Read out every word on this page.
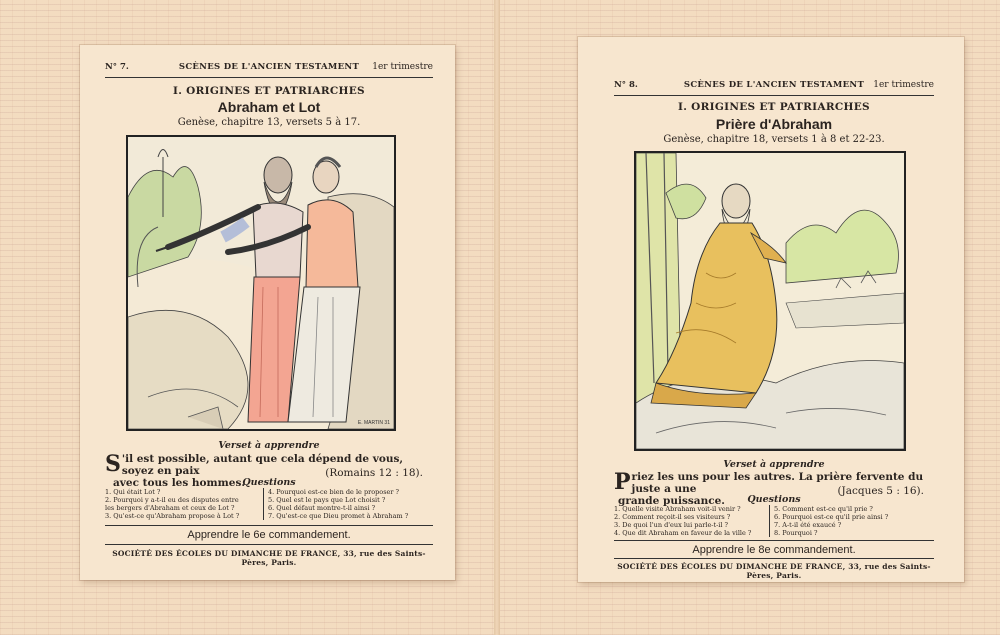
N° 7.	SCÈNES DE L'ANCIEN TESTAMENT	1er trimestre
I. ORIGINES ET PATRIARCHES
Abraham et Lot
Genèse, chapitre 13, versets 5 à 17.
E. MARTIN 31
Verset à apprendre
S 'il est possible, autant que cela dépend de vous, soyez en paix
avec tous les hommes.
(Romains 12 : 18).
Questions
1. Qui était Lot ?
2. Pourquoi y a-t-il eu des disputes entre
les bergers d'Abraham et ceux de Lot ?
3. Qu'est-ce qu'Abraham propose à Lot ?
4. Pourquoi est-ce bien de le proposer ?
5. Quel est le pays que Lot choisit ?
6. Quel défaut montre-t-il ainsi ?
7. Qu'est-ce que Dieu promet à Abraham ?
Apprendre le 6e commandement.
SOCIÉTÉ DES ÉCOLES DU DIMANCHE DE FRANCE, 33, rue des Saints-Pères, Paris.
N° 8.	SCÈNES DE L'ANCIEN TESTAMENT	1er trimestre
I. ORIGINES ET PATRIARCHES
Prière d'Abraham
Genèse, chapitre 18, versets 1 à 8 et 22-23.
Verset à apprendre
P riez les uns pour les autres. La prière fervente du juste a une
grande puissance.
(Jacques 5 : 16).
Questions
1. Quelle visite Abraham voit-il venir ?
2. Comment reçoit-il ses visiteurs ?
3. De quoi l'un d'eux lui parle-t-il ?
4. Que dit Abraham en faveur de la ville ?
5. Comment est-ce qu'il prie ?
6. Pourquoi est-ce qu'il prie ainsi ?
7. A-t-il été exaucé ?
8. Pourquoi ?
Apprendre le 8e commandement.
SOCIÉTÉ DES ÉCOLES DU DIMANCHE DE FRANCE, 33, rue des Saints-Pères, Paris.
